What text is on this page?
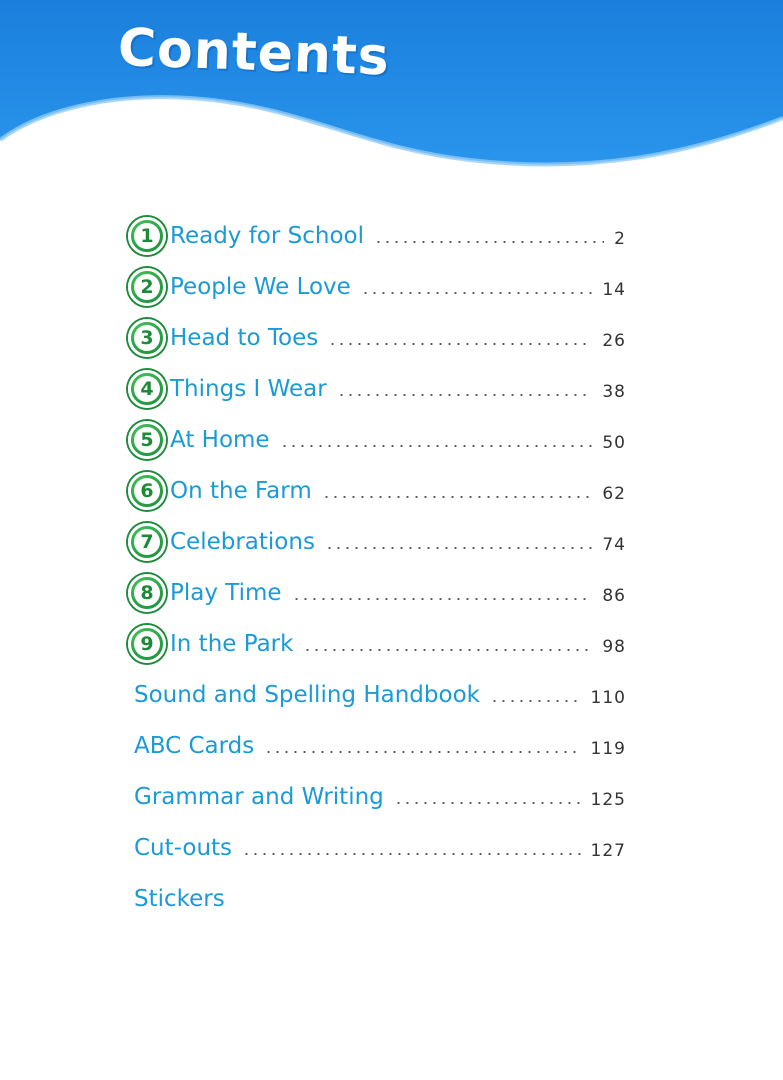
Contents
1 Ready for School	2
2 People We Love	14
3 Head to Toes	26
4 Things I Wear	38
5 At Home	50
6 On the Farm	62
7 Celebrations	74
8 Play Time	86
9 In the Park	98
Sound and Spelling Handbook	110
ABC Cards	119
Grammar and Writing	125
Cut-outs	127
Stickers
